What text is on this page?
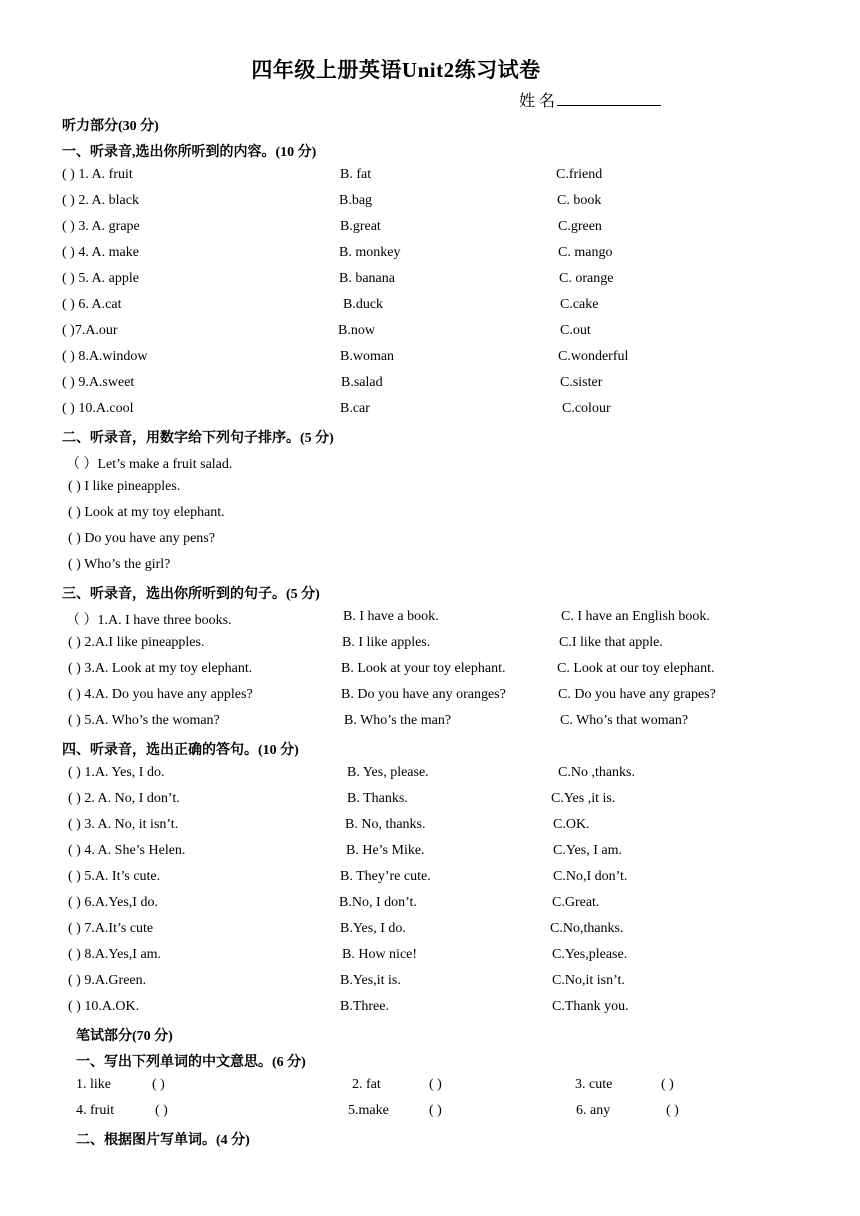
四年级上册英语Unit2练习试卷
姓 名
听力部分(30 分)
一、听录音,选出你所听到的内容。(10 分)
( ) 1. A. fruit	B. fat	C.friend
( ) 2. A. black	B.bag	C. book
( ) 3. A. grape	B.great	C.green
( ) 4. A. make	B. monkey	C. mango
( ) 5. A. apple	B. banana	C. orange
( ) 6. A.cat	B.duck	C.cake
( )7.A.our	B.now	C.out
( ) 8.A.window	B.woman	C.wonderful
( ) 9.A.sweet	B.salad	C.sister
( ) 10.A.cool	B.car	C.colour
二、听录音，用数字给下列句子排序。(5 分)
（ ）Let’s make a fruit salad.
( ) I like pineapples.
( ) Look at my toy elephant.
( ) Do you have any pens?
( ) Who’s the girl?
三、听录音，选出你所听到的句子。(5 分)
（ ）1.A. I have three books.	B. I have a book.	C. I have an English book.
( ) 2.A.I like pineapples.	B. I like apples.	C.I like that apple.
( ) 3.A. Look at my toy elephant.	B. Look at your toy elephant.	C. Look at our toy elephant.
( ) 4.A. Do you have any apples?	B. Do you have any oranges?	C. Do you have any grapes?
( ) 5.A. Who’s the woman?	B. Who’s the man?	C. Who’s that woman?
四、听录音，选出正确的答句。(10 分)
( ) 1.A. Yes, I do.	B. Yes, please.	C.No ,thanks.
( ) 2. A. No, I don’t.	B. Thanks.	C.Yes ,it is.
( ) 3. A. No, it isn’t.	B. No, thanks.	C.OK.
( ) 4. A. She’s Helen.	B. He’s Mike.	C.Yes, I am.
( ) 5.A. It’s cute.	B. They’re cute.	C.No,I don’t.
( ) 6.A.Yes,I do.	B.No, I don’t.	C.Great.
( ) 7.A.It’s cute	B.Yes, I do.	C.No,thanks.
( ) 8.A.Yes,I am.	B. How nice!	C.Yes,please.
( ) 9.A.Green.	B.Yes,it is.	C.No,it isn’t.
( ) 10.A.OK.	B.Three.	C.Thank you.
笔试部分(70 分)
一、写出下列单词的中文意思。(6 分)
1. like	( )	2. fat	( )	3. cute	( )
4. fruit	( )	5.make	( )	6. any	( )
二、根据图片写单词。(4 分)
